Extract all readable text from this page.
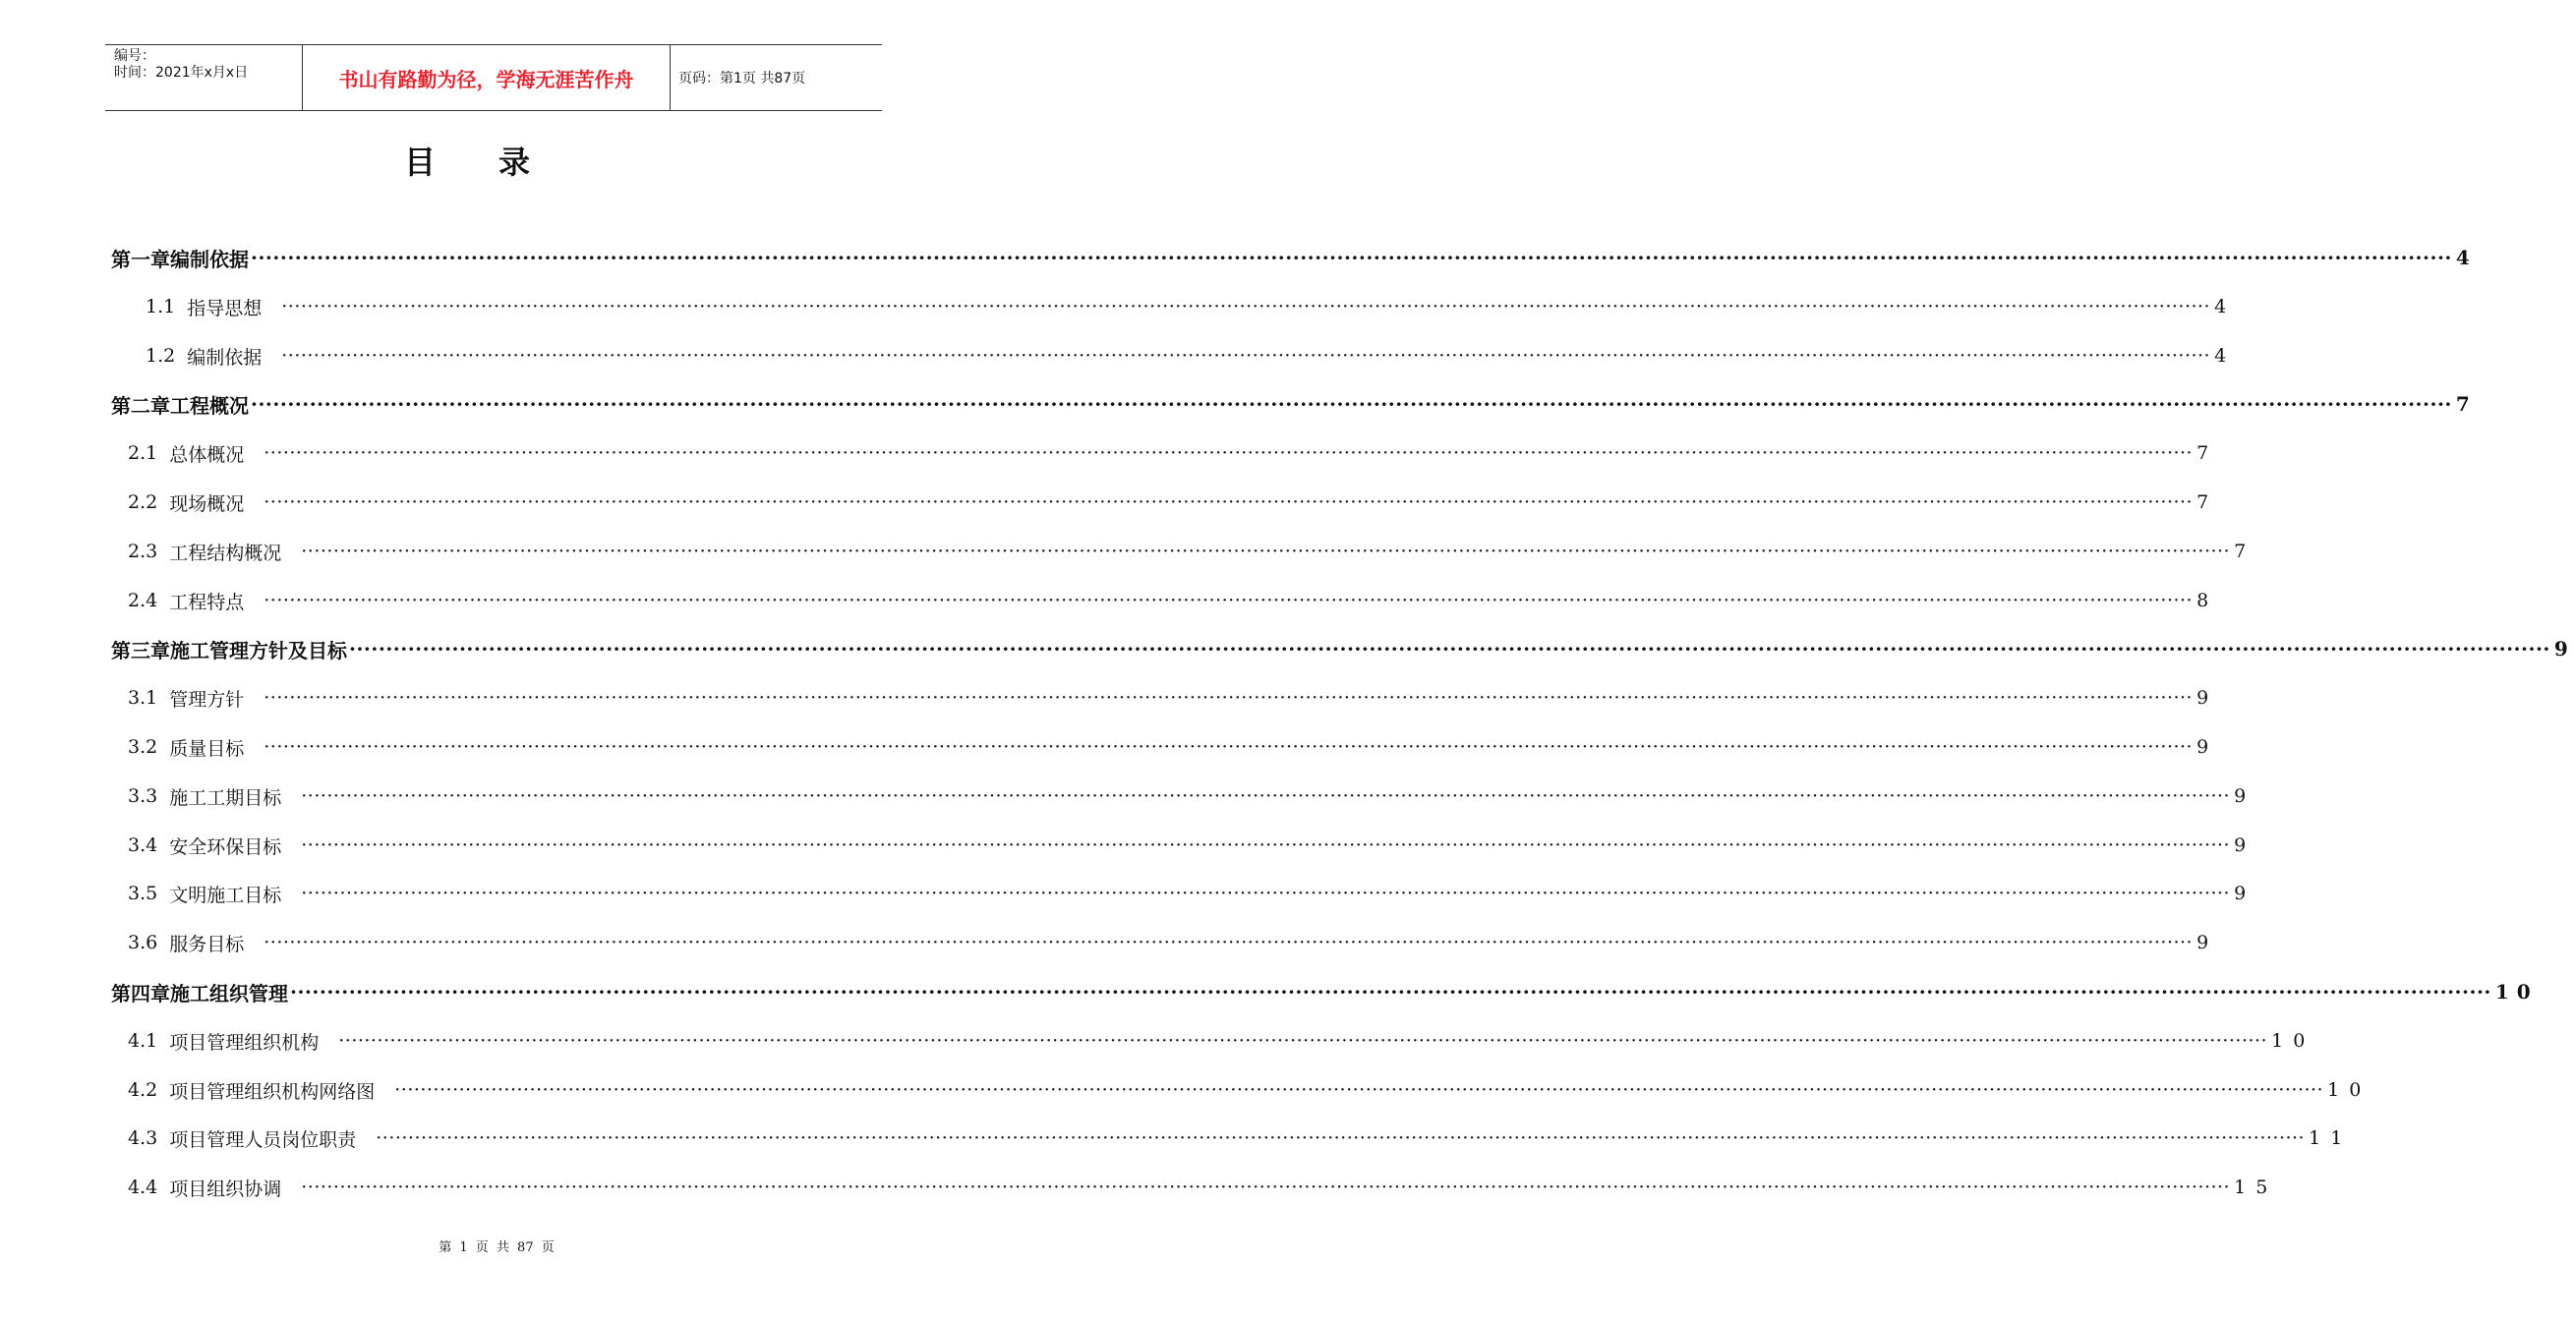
编号：
时间：2021年x月x日	书山有路勤为径，学海无涯苦作舟	页码：第1页 共87页
目录
第一章 编制依据 ············································································································································································································································································································ 4
1.1 指导思想 ············································································································································································································································································································ 4
1.2 编制依据 ············································································································································································································································································································ 4
第二章 工程概况 ············································································································································································································································································································ 7
2.1 总体概况 ············································································································································································································································································································ 7
2.2 现场概况 ············································································································································································································································································································ 7
2.3 工程结构概况 ············································································································································································································································································································ 7
2.4 工程特点 ············································································································································································································································································································ 8
第三章 施工管理方针及目标 ············································································································································································································································································································ 9
3.1 管理方针 ············································································································································································································································································································ 9
3.2 质量目标 ············································································································································································································································································································ 9
3.3 施工工期目标 ············································································································································································································································································································ 9
3.4 安全环保目标 ············································································································································································································································································································ 9
3.5 文明施工目标 ············································································································································································································································································································ 9
3.6 服务目标 ············································································································································································································································································································ 9
第四章 施工组织管理 ············································································································································································································································································································ 10
4.1 项目管理组织机构 ············································································································································································································································································································ 10
4.2 项目管理组织机构网络图 ············································································································································································································································································································ 10
4.3 项目管理人员岗位职责 ············································································································································································································································································································ 11
4.4 项目组织协调 ············································································································································································································································································································ 15
第 1 页 共 87 页
